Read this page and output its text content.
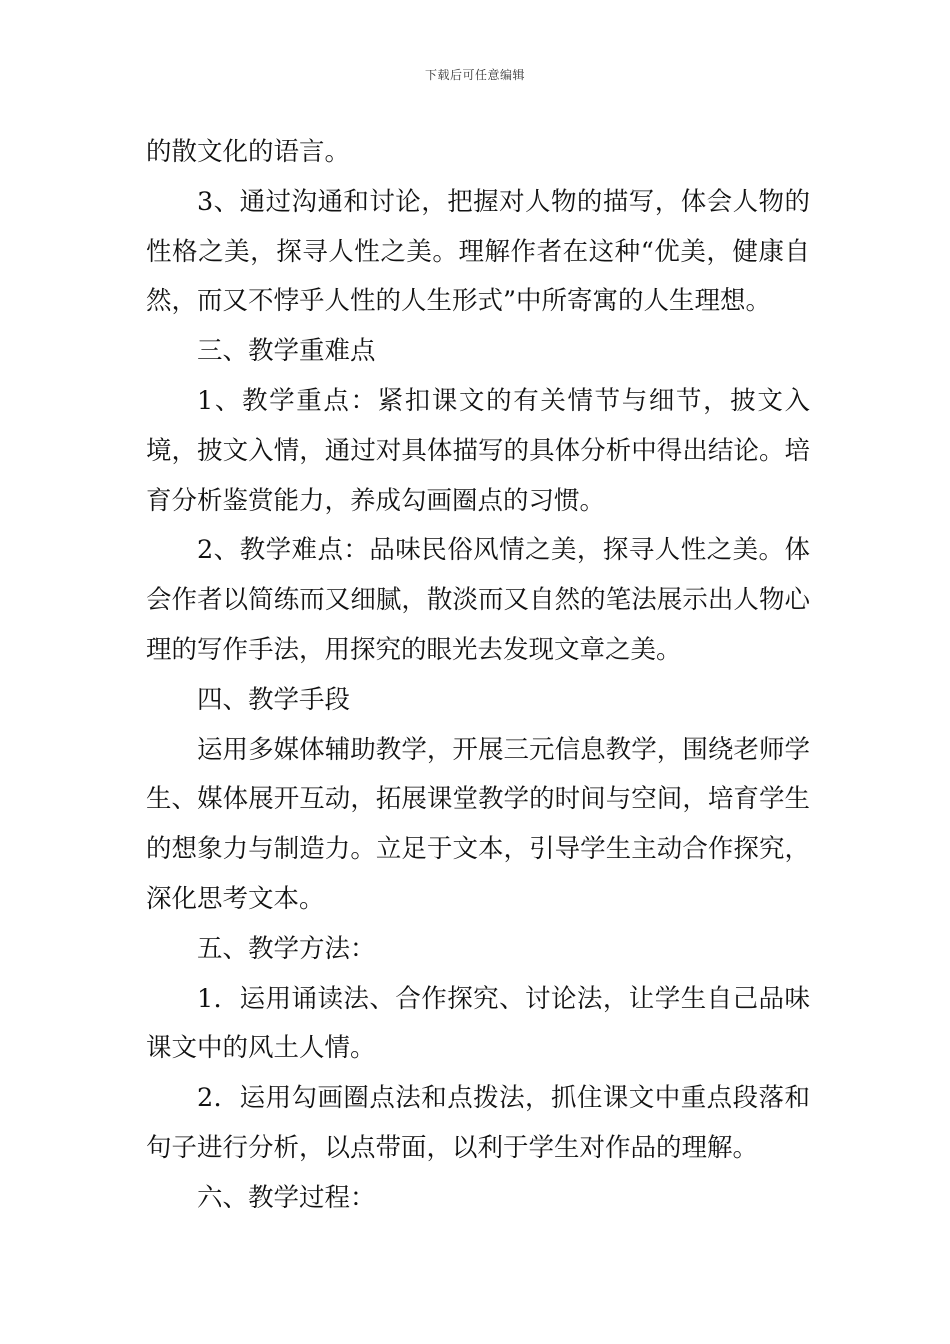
下载后可任意编辑

的散文化的语言。

3、通过沟通和讨论，把握对人物的描写，体会人物的性格之美，探寻人性之美。理解作者在这种“优美，健康自然，而又不悖乎人性的人生形式”中所寄寓的人生理想。

三、教学重难点

1、教学重点：紧扣课文的有关情节与细节，披文入境，披文入情，通过对具体描写的具体分析中得出结论。培育分析鉴赏能力，养成勾画圈点的习惯。

2、教学难点：品味民俗风情之美，探寻人性之美。体会作者以简练而又细腻，散淡而又自然的笔法展示出人物心理的写作手法，用探究的眼光去发现文章之美。

四、教学手段

运用多媒体辅助教学，开展三元信息教学，围绕老师学生、媒体展开互动，拓展课堂教学的时间与空间，培育学生的想象力与制造力。立足于文本，引导学生主动合作探究，深化思考文本。

五、教学方法：

1．运用诵读法、合作探究、讨论法，让学生自己品味课文中的风土人情。

2．运用勾画圈点法和点拨法，抓住课文中重点段落和句子进行分析，以点带面，以利于学生对作品的理解。

六、教学过程：
